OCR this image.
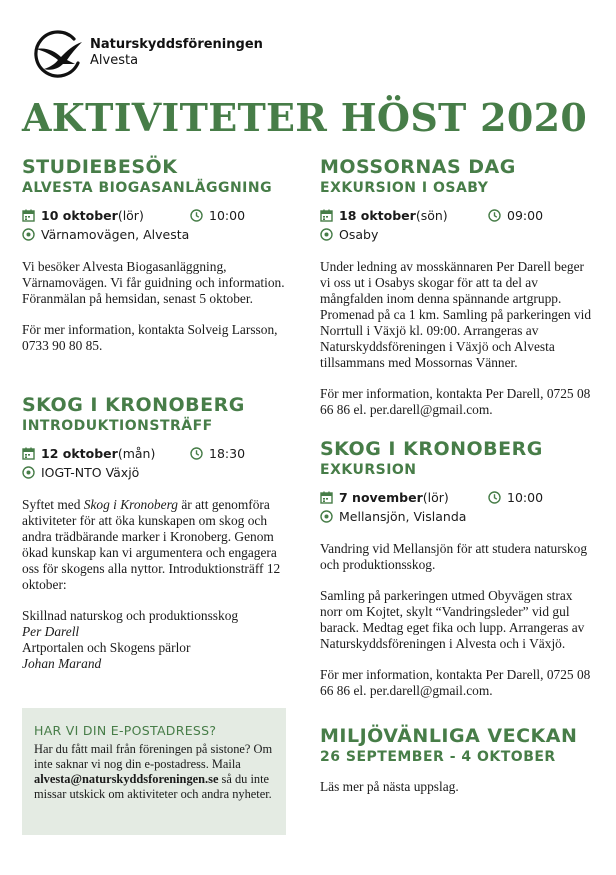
Naturskyddsföreningen
Alvesta
AKTIVITETER HÖST 2020
STUDIEBESÖK
ALVESTA BIOGASANLÄGGNING
10 oktober (lör)	10:00
Värnamovägen, Alvesta

Vi besöker Alvesta Biogasanläggning, Värnamovägen. Vi får guidning och information. Föranmälan på hemsidan, senast 5 oktober.

För mer information, kontakta Solveig Larsson, 0733 90 80 85.

SKOG I KRONOBERG
INTRODUKTIONSTRÄFF
12 oktober (mån)	18:30
IOGT-NTO Växjö

Syftet med Skog i Kronoberg är att genomföra aktiviteter för att öka kunskapen om skog och andra trädbärande marker i Kronoberg. Genom ökad kunskap kan vi argumentera och engagera oss för skogens alla nyttor. Introduktionsträff 12 oktober:

Skillnad naturskog och produktionsskog
Per Darell
Artportalen och Skogens pärlor
Johan Marand

HAR VI DIN E-POSTADRESS?

Har du fått mail från föreningen på sistone? Om inte saknar vi nog din e-postadress. Maila alvesta@naturskyddsforeningen.se så du inte missar utskick om aktiviteter och andra nyheter.

MOSSORNAS DAG
EXKURSION I OSABY
18 oktober (sön)	09:00
Osaby

Under ledning av mosskännaren Per Darell beger vi oss ut i Osabys skogar för att ta del av mångfalden inom denna spännande artgrupp. Promenad på ca 1 km. Samling på parkeringen vid Norrtull i Växjö kl. 09:00. Arrangeras av Naturskyddsföreningen i Växjö och Alvesta tillsammans med Mossornas Vänner.

För mer information, kontakta Per Darell, 0725 08 66 86 el. per.darell@gmail.com.

SKOG I KRONOBERG
EXKURSION
7 november (lör)	10:00
Mellansjön, Vislanda

Vandring vid Mellansjön för att studera naturskog och produktionsskog.

Samling på parkeringen utmed Obyvägen strax norr om Kojtet, skylt “Vandringsleder” vid gul barack. Medtag eget fika och lupp. Arrangeras av Naturskyddsföreningen i Alvesta och i Växjö.

För mer information, kontakta Per Darell, 0725 08 66 86 el. per.darell@gmail.com.

MILJÖVÄNLIGA VECKAN
26 SEPTEMBER - 4 OKTOBER

Läs mer på nästa uppslag.
